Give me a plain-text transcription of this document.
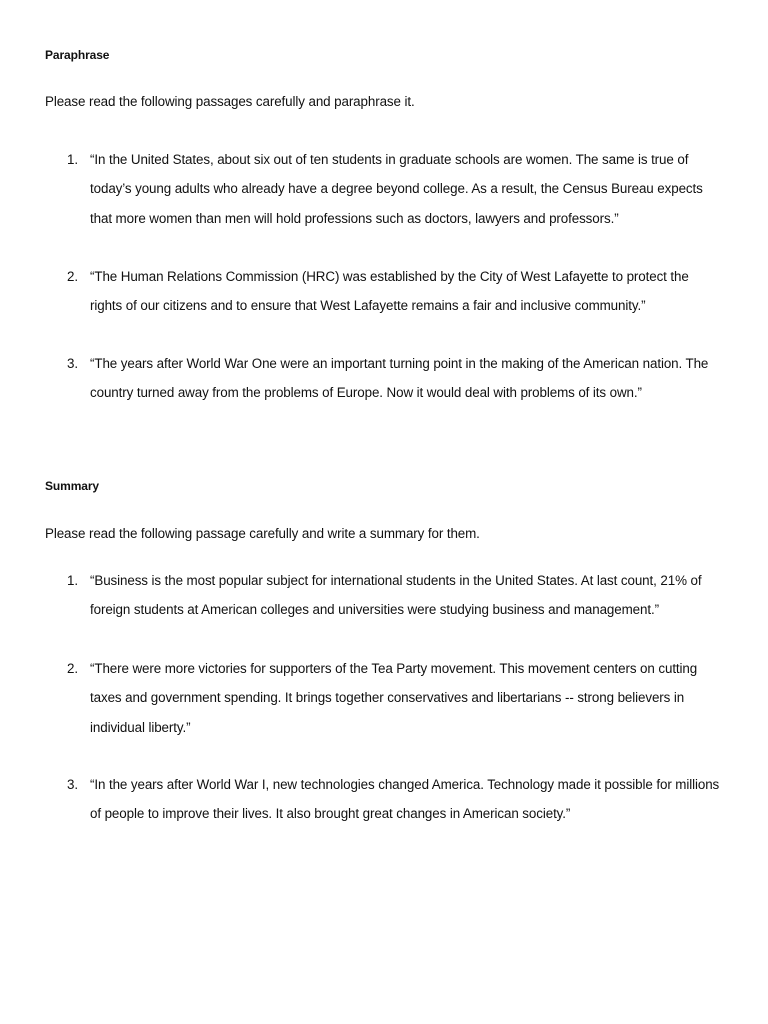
Paraphrase
Please read the following passages carefully and paraphrase it.
1. “In the United States, about six out of ten students in graduate schools are women. The same is true of today’s young adults who already have a degree beyond college. As a result, the Census Bureau expects that more women than men will hold professions such as doctors, lawyers and professors.”
2. “The Human Relations Commission (HRC) was established by the City of West Lafayette to protect the rights of our citizens and to ensure that West Lafayette remains a fair and inclusive community.”
3. “The years after World War One were an important turning point in the making of the American nation. The country turned away from the problems of Europe. Now it would deal with problems of its own.”
Summary
Please read the following passage carefully and write a summary for them.
1. “Business is the most popular subject for international students in the United States. At last count, 21% of foreign students at American colleges and universities were studying business and management.”
2. “There were more victories for supporters of the Tea Party movement. This movement centers on cutting taxes and government spending. It brings together conservatives and libertarians -- strong believers in individual liberty.”
3. “In the years after World War I, new technologies changed America. Technology made it possible for millions of people to improve their lives. It also brought great changes in American society.”
